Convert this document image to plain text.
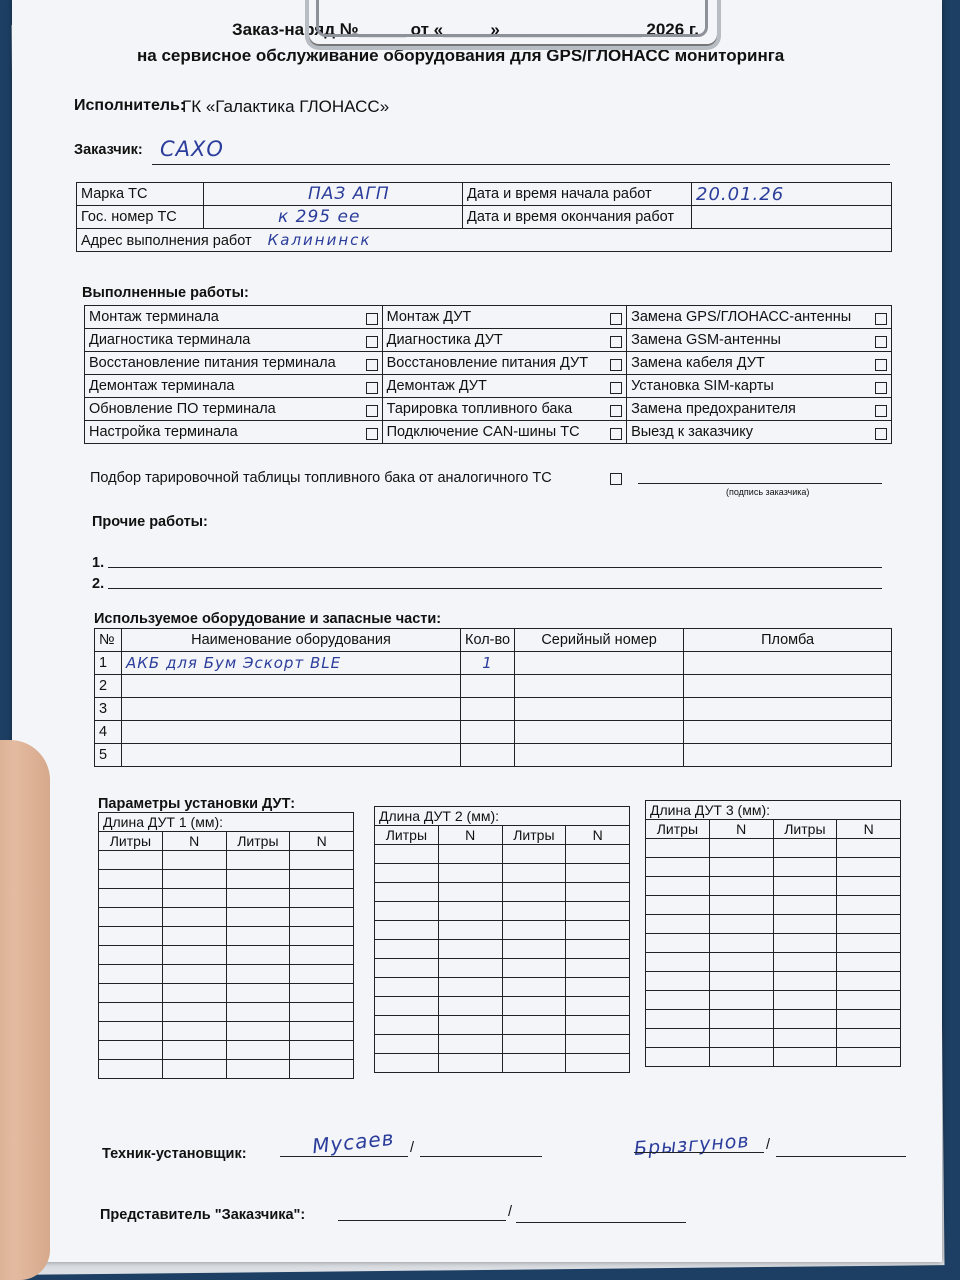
Заказ-наряд №_____ от «_____»_______________ 2026 г.
на сервисное обслуживание оборудования для GPS/ГЛОНАСС мониторинга
Исполнитель:
ГК «Галактика ГЛОНАСС»
Заказчик: САХО
Марка ТС	ПАЗ АГП	Дата и время начала работ	20.01.26
Гос. номер ТС	к 295 ее	Дата и время окончания работ	
Адрес выполнения работ Калининск			
Выполненные работы:
Монтаж терминала	Монтаж ДУТ	Замена GPS/ГЛОНАСС-антенны

Диагностика терминала	Диагностика ДУТ	Замена GSM-антенны

Восстановление питания терминала	Восстановление питания ДУТ	Замена кабеля ДУТ

Демонтаж терминала	Демонтаж ДУТ	Установка SIM-карты

Обновление ПО терминала	Тарировка топливного бака	Замена предохранителя

Настройка терминала	Подключение CAN-шины ТС	Выезд к заказчику
Подбор тарировочной таблицы топливного бака от аналогичного ТС
(подпись заказчика)
Прочие работы:
1.
2.
Используемое оборудование и запасные части:
№	Наименование оборудования	Кол-во	Серийный номер	Пломба
1	АКБ для Бум Эскорт BLE	1		
2				
3				
4				
5				
Параметры установки ДУТ:
Техник-установщик:	/
Мусаев	Брызгунов /
Представитель "Заказчика":	/
Длина ДУТ 1 (мм):			
Литры	N	Литры	N

Длина ДУТ 2 (мм):			
Литры	N	Литры	N

Длина ДУТ 3 (мм):			
Литры	N	Литры	N
